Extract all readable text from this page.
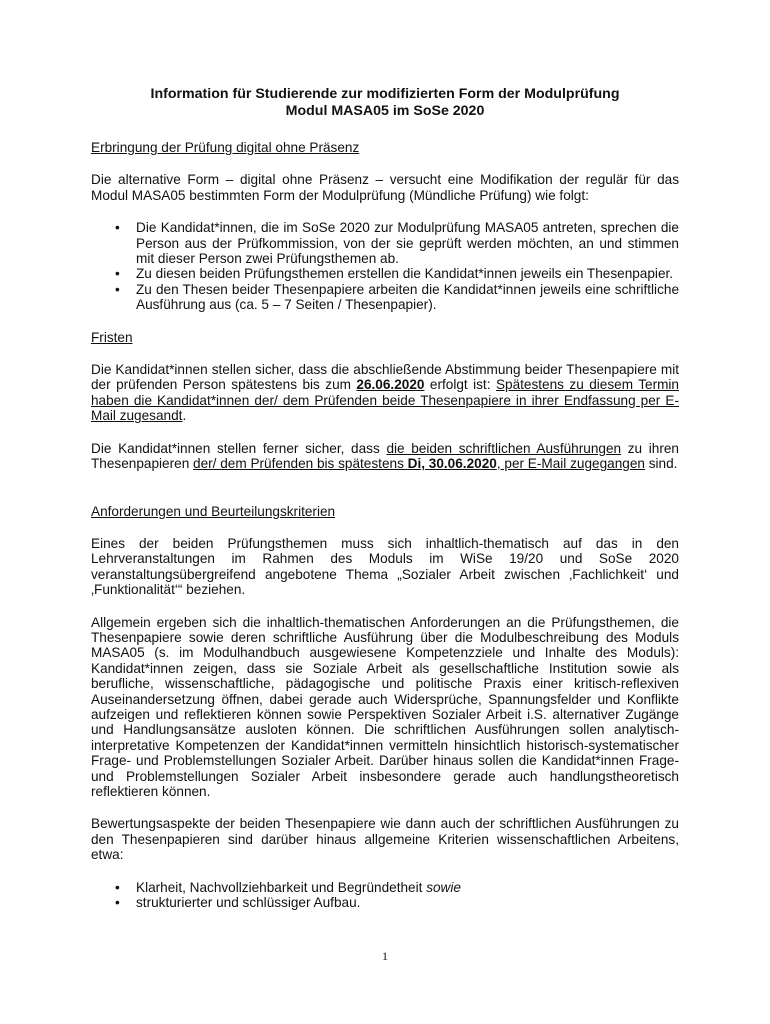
Information für Studierende zur modifizierten Form der Modulprüfung
Modul MASA05 im SoSe 2020
Erbringung der Prüfung digital ohne Präsenz

Die alternative Form – digital ohne Präsenz – versucht eine Modifikation der regulär für das Modul MASA05 bestimmten Form der Modulprüfung (Mündliche Prüfung) wie folgt:

• Die Kandidat*innen, die im SoSe 2020 zur Modulprüfung MASA05 antreten, sprechen die Person aus der Prüfkommission, von der sie geprüft werden möchten, an und stimmen mit dieser Person zwei Prüfungsthemen ab.
• Zu diesen beiden Prüfungsthemen erstellen die Kandidat*innen jeweils ein Thesenpapier.
• Zu den Thesen beider Thesenpapiere arbeiten die Kandidat*innen jeweils eine schriftliche Ausführung aus (ca. 5 – 7 Seiten / Thesenpapier).
Fristen

Die Kandidat*innen stellen sicher, dass die abschließende Abstimmung beider Thesenpapiere mit der prüfenden Person spätestens bis zum 26.06.2020 erfolgt ist: Spätestens zu diesem Termin haben die Kandidat*innen der/ dem Prüfenden beide Thesenpapiere in ihrer Endfassung per E-Mail zugesandt.

Die Kandidat*innen stellen ferner sicher, dass die beiden schriftlichen Ausführungen zu ihren Thesenpapieren der/ dem Prüfenden bis spätestens Di, 30.06.2020, per E-Mail zugegangen sind.

Anforderungen und Beurteilungskriterien

Eines der beiden Prüfungsthemen muss sich inhaltlich-thematisch auf das in den Lehrveranstaltungen im Rahmen des Moduls im WiSe 19/20 und SoSe 2020 veranstaltungsübergreifend angebotene Thema „Sozialer Arbeit zwischen ‚Fachlichkeit‘ und ‚Funktionalität‘“ beziehen.

Allgemein ergeben sich die inhaltlich-thematischen Anforderungen an die Prüfungsthemen, die Thesenpapiere sowie deren schriftliche Ausführung über die Modulbeschreibung des Moduls MASA05 (s. im Modulhandbuch ausgewiesene Kompetenzziele und Inhalte des Moduls): Kandidat*innen zeigen, dass sie Soziale Arbeit als gesellschaftliche Institution sowie als berufliche, wissenschaftliche, pädagogische und politische Praxis einer kritisch-reflexiven Auseinandersetzung öffnen, dabei gerade auch Widersprüche, Spannungsfelder und Konflikte aufzeigen und reflektieren können sowie Perspektiven Sozialer Arbeit i.S. alternativer Zugänge und Handlungsansätze ausloten können. Die schriftlichen Ausführungen sollen analytisch-interpretative Kompetenzen der Kandidat*innen vermitteln hinsichtlich historisch-systematischer Frage- und Problemstellungen Sozialer Arbeit. Darüber hinaus sollen die Kandidat*innen Frage- und Problemstellungen Sozialer Arbeit insbesondere gerade auch handlungstheoretisch reflektieren können.

Bewertungsaspekte der beiden Thesenpapiere wie dann auch der schriftlichen Ausführungen zu den Thesenpapieren sind darüber hinaus allgemeine Kriterien wissenschaftlichen Arbeitens, etwa:

• Klarheit, Nachvollziehbarkeit und Begründetheit sowie
• strukturierter und schlüssiger Aufbau.
1
